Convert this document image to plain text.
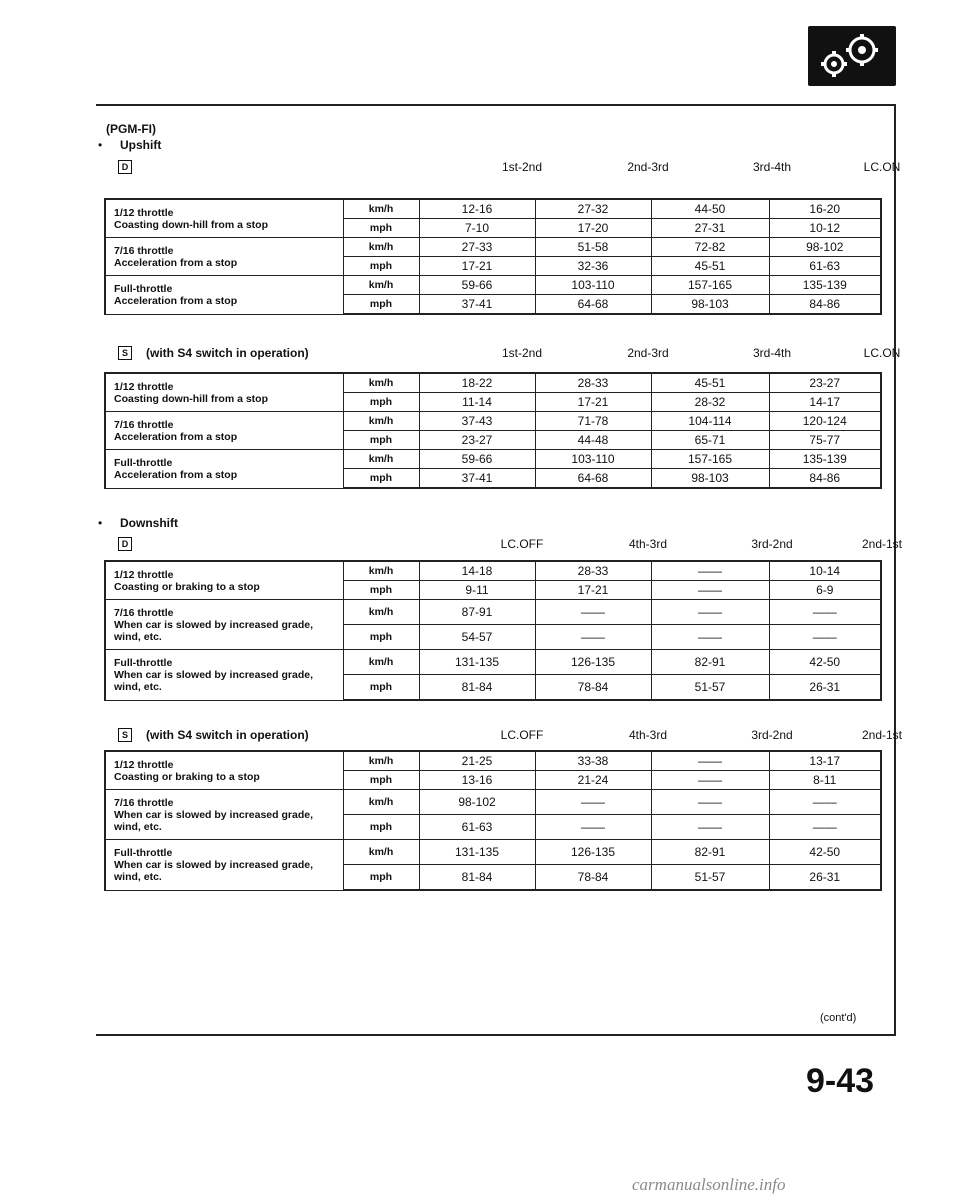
(PGM-FI)
• Upshift
D	1st-2nd	2nd-3rd	3rd-4th	LC.ON
1/12 throttle
Coasting down-hill from a stop	km/h	12-16	27-32	44-50	16-20
	mph	7-10	17-20	27-31	10-12
7/16 throttle
Acceleration from a stop	km/h	27-33	51-58	72-82	98-102
	mph	17-21	32-36	45-51	61-63
Full-throttle
Acceleration from a stop	km/h	59-66	103-110	157-165	135-139
	mph	37-41	64-68	98-103	84-86
S	(with S4 switch in operation)	1st-2nd	2nd-3rd	3rd-4th	LC.ON
1/12 throttle
Coasting down-hill from a stop	km/h	18-22	28-33	45-51	23-27
	mph	11-14	17-21	28-32	14-17
7/16 throttle
Acceleration from a stop	km/h	37-43	71-78	104-114	120-124
	mph	23-27	44-48	65-71	75-77
Full-throttle
Acceleration from a stop	km/h	59-66	103-110	157-165	135-139
	mph	37-41	64-68	98-103	84-86
• Downshift
D	LC.OFF	4th-3rd	3rd-2nd	2nd-1st
1/12 throttle
Coasting or braking to a stop	km/h	14-18	28-33	——	10-14
	mph	9-11	17-21	——	6-9
7/16 throttle
When car is slowed by increased grade, wind, etc.	km/h	87-91	——	——	——
	mph	54-57	——	——	——
Full-throttle
When car is slowed by increased grade, wind, etc.	km/h	131-135	126-135	82-91	42-50
	mph	81-84	78-84	51-57	26-31
S	(with S4 switch in operation)	LC.OFF	4th-3rd	3rd-2nd	2nd-1st
1/12 throttle
Coasting or braking to a stop	km/h	21-25	33-38	——	13-17
	mph	13-16	21-24	——	8-11
7/16 throttle
When car is slowed by increased grade, wind, etc.	km/h	98-102	——	——	——
	mph	61-63	——	——	——
Full-throttle
When car is slowed by increased grade, wind, etc.	km/h	131-135	126-135	82-91	42-50
	mph	81-84	78-84	51-57	26-31
(cont'd)
9-43
carmanualsonline.info
